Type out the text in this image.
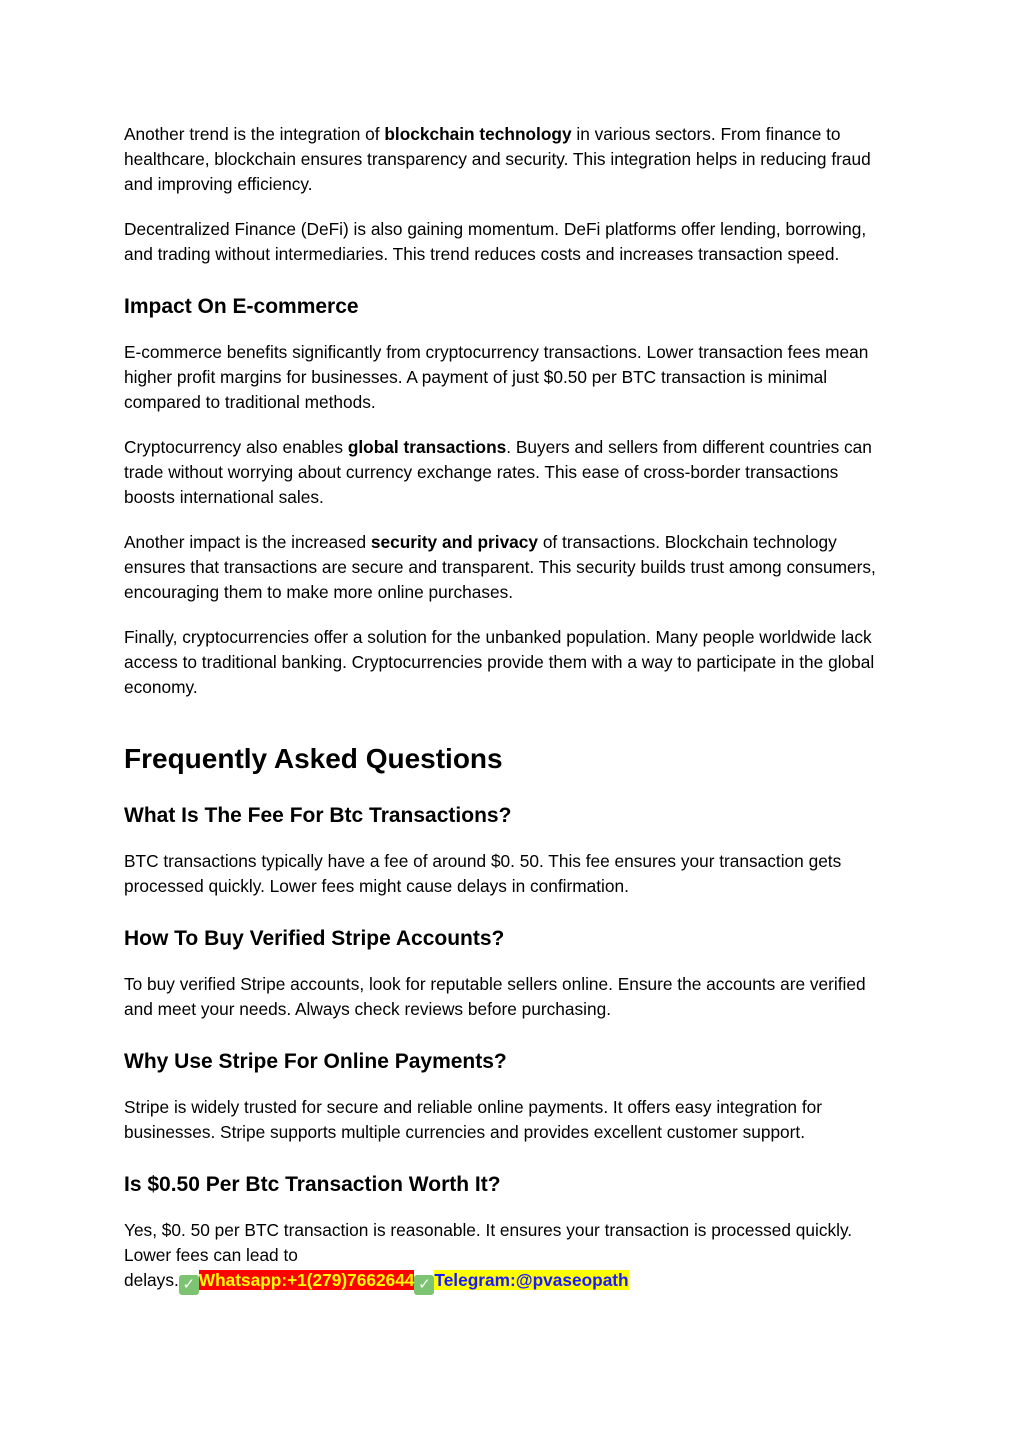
Another trend is the integration of blockchain technology in various sectors. From finance to healthcare, blockchain ensures transparency and security. This integration helps in reducing fraud and improving efficiency.

Decentralized Finance (DeFi) is also gaining momentum. DeFi platforms offer lending, borrowing, and trading without intermediaries. This trend reduces costs and increases transaction speed.

Impact On E-commerce

E-commerce benefits significantly from cryptocurrency transactions. Lower transaction fees mean higher profit margins for businesses. A payment of just $0.50 per BTC transaction is minimal compared to traditional methods.

Cryptocurrency also enables global transactions. Buyers and sellers from different countries can trade without worrying about currency exchange rates. This ease of cross-border transactions boosts international sales.

Another impact is the increased security and privacy of transactions. Blockchain technology ensures that transactions are secure and transparent. This security builds trust among consumers, encouraging them to make more online purchases.

Finally, cryptocurrencies offer a solution for the unbanked population. Many people worldwide lack access to traditional banking. Cryptocurrencies provide them with a way to participate in the global economy.

Frequently Asked Questions
What Is The Fee For Btc Transactions?

BTC transactions typically have a fee of around $0. 50. This fee ensures your transaction gets processed quickly. Lower fees might cause delays in confirmation.

How To Buy Verified Stripe Accounts?

To buy verified Stripe accounts, look for reputable sellers online. Ensure the accounts are verified and meet your needs. Always check reviews before purchasing.

Why Use Stripe For Online Payments?

Stripe is widely trusted for secure and reliable online payments. It offers easy integration for businesses. Stripe supports multiple currencies and provides excellent customer support.

Is $0.50 Per Btc Transaction Worth It?

Yes, $0. 50 per BTC transaction is reasonable. It ensures your transaction is processed quickly. Lower fees can lead to

delays. ✓ Whatsapp:+1(279)7662644 ✓ Telegram:@pvaseopath
